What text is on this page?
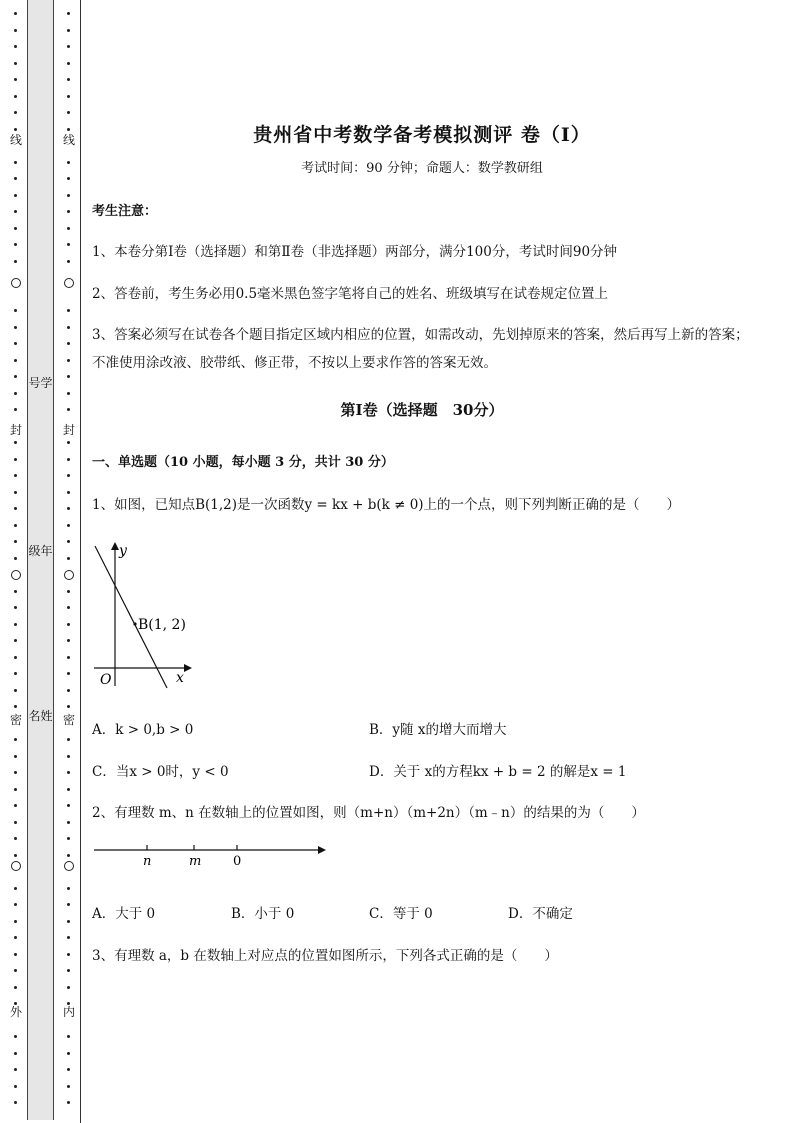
线
封
密
外
号学
级年
名姓
线
封
密
内
贵州省中考数学备考模拟测评 卷（Ⅰ）
考试时间：90 分钟；命题人：数学教研组
考生注意：
1、本卷分第Ⅰ卷（选择题）和第Ⅱ卷（非选择题）两部分，满分100分，考试时间90分钟
2、答卷前，考生务必用0.5毫米黑色签字笔将自己的姓名、班级填写在试卷规定位置上
3、答案必须写在试卷各个题目指定区域内相应的位置，如需改动，先划掉原来的答案，然后再写上新的答案；不准使用涂改液、胶带纸、修正带，不按以上要求作答的答案无效。
第Ⅰ卷（选择题　30分）
一、单选题（10 小题，每小题 3 分，共计 30 分）
1、如图，已知点B(1,2)是一次函数y = kx + b(k ≠ 0)上的一个点，则下列判断正确的是（　　）
y
x
O
B(1, 2)
A．k > 0,b > 0	B．y随 x的增大而增大
C．当x > 0时，y < 0	D．关于 x的方程kx + b = 2 的解是x = 1
2、有理数 m、n 在数轴上的位置如图，则（m+n）（m+2n）（m﹣n）的结果的为（　　）
n	m 0
A．大于 0	B．小于 0	C．等于 0	D．不确定
3、有理数 a，b 在数轴上对应点的位置如图所示，下列各式正确的是（　　）
